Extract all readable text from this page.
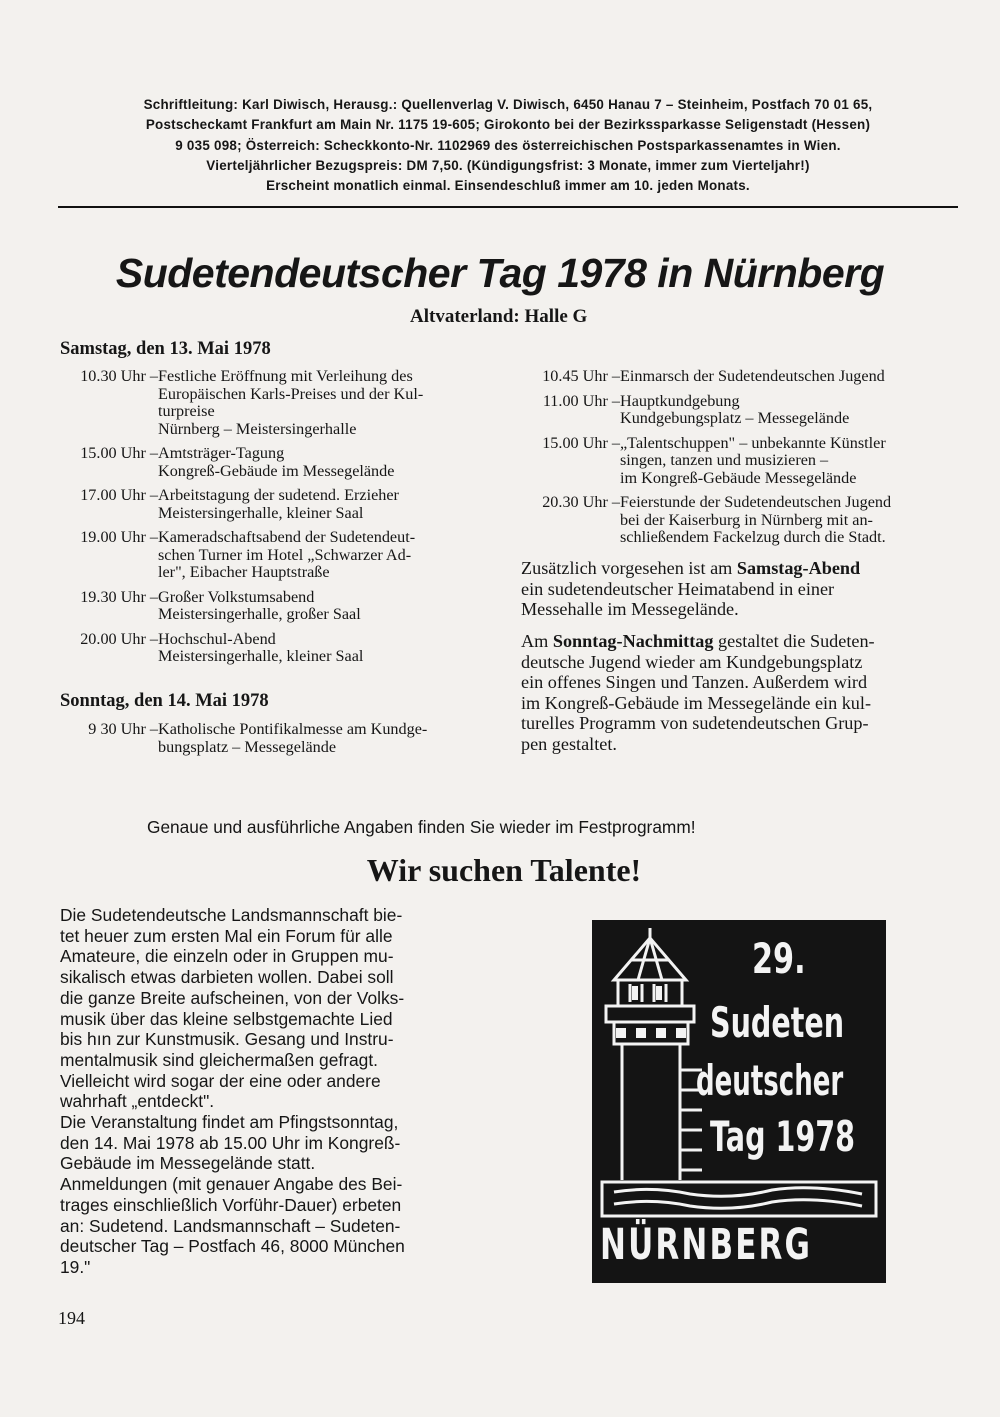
Schriftleitung: Karl Diwisch, Herausg.: Quellenverlag V. Diwisch, 6450 Hanau 7 – Steinheim, Postfach 70 01 65,
Postscheckamt Frankfurt am Main Nr. 1175 19-605; Girokonto bei der Bezirkssparkasse Seligenstadt (Hessen)
9 035 098; Österreich: Scheckkonto-Nr. 1102969 des österreichischen Postsparkassenamtes in Wien.
Vierteljährlicher Bezugspreis: DM 7,50. (Kündigungsfrist: 3 Monate, immer zum Vierteljahr!)
Erscheint monatlich einmal. Einsendeschluß immer am 10. jeden Monats.
Sudetendeutscher Tag 1978 in Nürnberg
Altvaterland: Halle G
Samstag, den 13. Mai 1978
10.30 Uhr – Festliche Eröffnung mit Verleihung des
Europäischen Karls-Preises und der Kul-
turpreise
Nürnberg – Meistersingerhalle
15.00 Uhr – Amtsträger-Tagung
Kongreß-Gebäude im Messegelände
17.00 Uhr – Arbeitstagung der sudetend. Erzieher
Meistersingerhalle, kleiner Saal
19.00 Uhr – Kameradschaftsabend der Sudetendeut-
schen Turner im Hotel „Schwarzer Ad-
ler", Eibacher Hauptstraße
19.30 Uhr – Großer Volkstumsabend
Meistersingerhalle, großer Saal
20.00 Uhr – Hochschul-Abend
Meistersingerhalle, kleiner Saal
10.45 Uhr – Einmarsch der Sudetendeutschen Jugend
11.00 Uhr – Hauptkundgebung
Kundgebungsplatz – Messegelände
15.00 Uhr – „Talentschuppen" – unbekannte Künstler
singen, tanzen und musizieren –
im Kongreß-Gebäude Messegelände
20.30 Uhr – Feierstunde der Sudetendeutschen Jugend
bei der Kaiserburg in Nürnberg mit an-
schließendem Fackelzug durch die Stadt.
Zusätzlich vorgesehen ist am Samstag-Abend
ein sudetendeutscher Heimatabend in einer
Messehalle im Messegelände.
Am Sonntag-Nachmittag gestaltet die Sudeten-
deutsche Jugend wieder am Kundgebungsplatz
ein offenes Singen und Tanzen. Außerdem wird
im Kongreß-Gebäude im Messegelände ein kul-
turelles Programm von sudetendeutschen Grup-
pen gestaltet.
Sonntag, den 14. Mai 1978
9 30 Uhr – Katholische Pontifikalmesse am Kundge-
bungsplatz – Messegelände
Genaue und ausführliche Angaben finden Sie wieder im Festprogramm!
Wir suchen Talente!
Die Sudetendeutsche Landsmannschaft bie-
tet heuer zum ersten Mal ein Forum für alle
Amateure, die einzeln oder in Gruppen mu-
sikalisch etwas darbieten wollen. Dabei soll
die ganze Breite aufscheinen, von der Volks-
musik über das kleine selbstgemachte Lied
bis hın zur Kunstmusik. Gesang und Instru-
mentalmusik sind gleichermaßen gefragt.
Vielleicht wird sogar der eine oder andere
wahrhaft „entdeckt".
Die Veranstaltung findet am Pfingstsonntag,
den 14. Mai 1978 ab 15.00 Uhr im Kongreß-
Gebäude im Messegelände statt.
Anmeldungen (mit genauer Angabe des Bei-
trages einschließlich Vorführ-Dauer) erbeten
an: Sudetend. Landsmannschaft – Sudeten-
deutscher Tag – Postfach 46, 8000 München
19."
29.
Sudeten
deutscher
Tag 1978
NÜRNBERG
194
